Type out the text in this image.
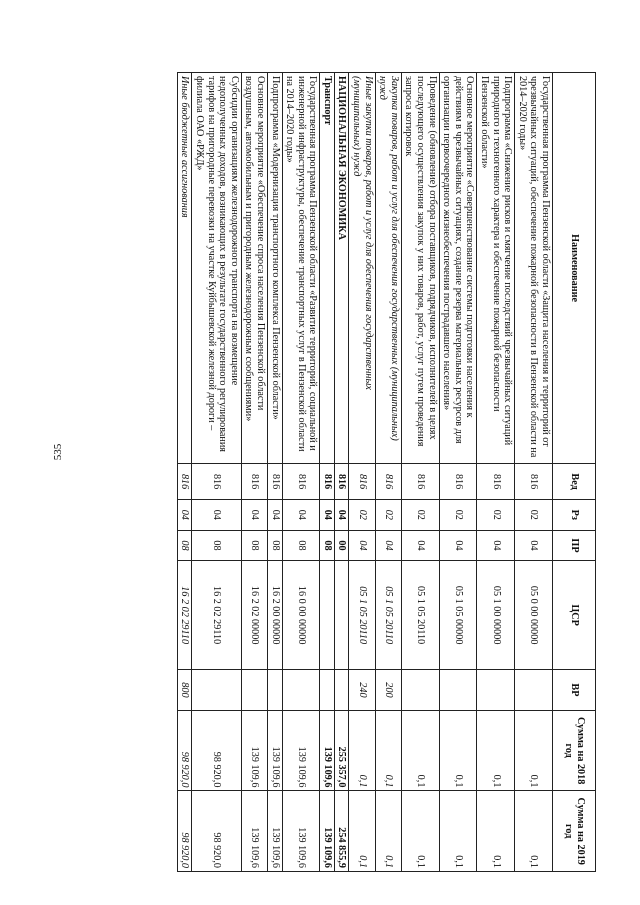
535
Наименование	Вед	Рз	ПР	ЦСР	ВР	Сумма на 2018 год	Сумма на 2019 год
Государственная программа Пензенской области «Защита населения и территорий от чрезвычайных ситуаций, обеспечение пожарной безопасности в Пензенской области на 2014–2020 годы»	816	02	04	05 0 00 00000		0,1	0,1
Подпрограмма «Снижение рисков и смягчение последствий чрезвычайных ситуаций природного и техногенного характера и обеспечение пожарной безопасности Пензенской области»	816	02	04	05 1 00 00000		0,1	0,1
Основное мероприятие «Совершенствование системы подготовки населения к действиям в чрезвычайных ситуациях, создание резерва материальных ресурсов для организации первоочередного жизнеобеспечения пострадавшего населения»	816	02	04	05 1 05 00000		0,1	0,1
Проведение (обновление) отбора поставщиков, подрядчиков, исполнителей в целях последующего осуществления закупок у них товаров, работ, услуг путем проведения запроса котировок	816	02	04	05 1 05 20110		0,1	0,1
Закупка товаров, работ и услуг для обеспечения государственных (муниципальных) нужд	816	02	04	05 1 05 20110	200	0,1	0,1
Иные закупки товаров, работ и услуг для обеспечения государственных (муниципальных) нужд	816	02	04	05 1 05 20110	240	0,1	0,1
НАЦИОНАЛЬНАЯ ЭКОНОМИКА	816	04	00			255 357,0	254 855,9
Транспорт	816	04	08			139 109,6	139 109,6
Государственная программа Пензенской области «Развитие территорий, социальной и инженерной инфраструктуры, обеспечение транспортных услуг в Пензенской области на 2014–2020 годы»	816	04	08	16 0 00 00000		139 109,6	139 109,6
Подпрограмма «Модернизация транспортного комплекса Пензенской области»	816	04	08	16 2 00 00000		139 109,6	139 109,6
Основное мероприятие «Обеспечение спроса населения Пензенской области воздушным, автомобильным и пригородным железнодорожным сообщениями»	816	04	08	16 2 02 00000		139 109,6	139 109,6
Субсидии организациям железнодорожного транспорта на возмещение недополученных доходов, возникающих в результате государственного регулирования тарифов на пригородные перевозки на участке Куйбышевской железной дороги – филиала ОАО «РЖД»	816	04	08	16 2 02 29110		98 920,0	98 920,0
Иные бюджетные ассигнования	816	04	08	16 2 02 29110	800	98 920,0	98 920,0
